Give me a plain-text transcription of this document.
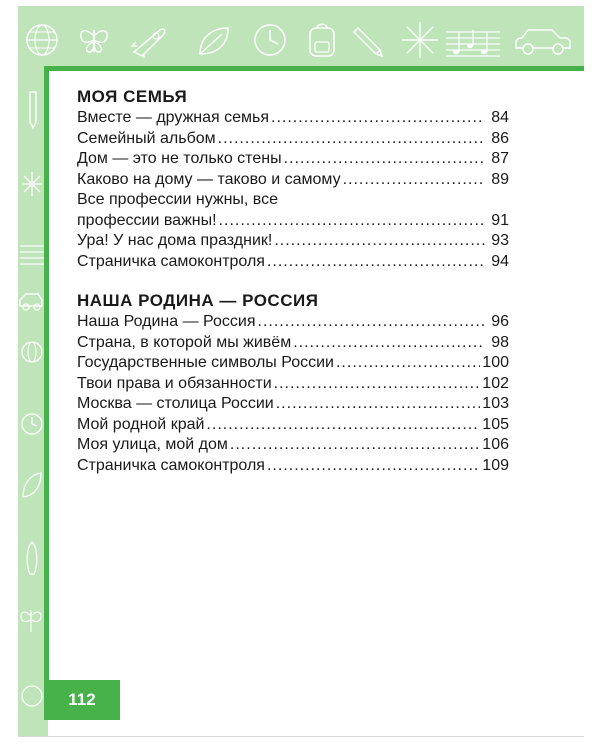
МОЯ СЕМЬЯ
Вместе — дружная семья .....	84
Семейный альбом .....	86
Дом — это не только стены .....	87
Каково на дому — таково и самому .....	89
Все профессии нужны, все
профессии важны! .....	91
Ура! У нас дома праздник! .....	93
Страничка самоконтроля .....	94
НАША РОДИНА — РОССИЯ
Наша Родина — Россия .....	96
Страна, в которой мы живём .....	98
Государственные символы России .....	100
Твои права и обязанности .....	102
Москва — столица России .....	103
Мой родной край .....	105
Моя улица, мой дом .....	106
Страничка самоконтроля .....	109
112
